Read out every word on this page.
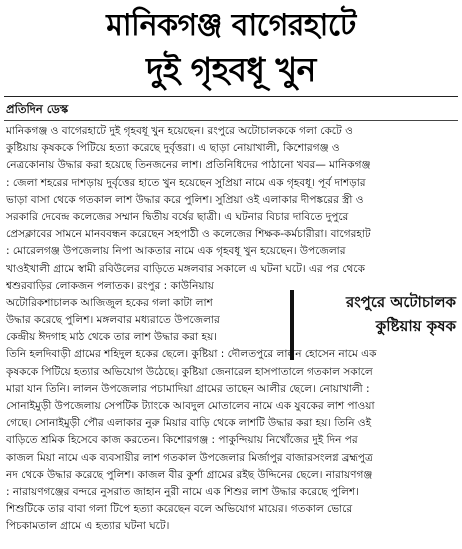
মানিকগঞ্জ বাগেরহাটে
দুই গৃহবধূ খুন
প্রতিদিন ডেস্ক
মানিকগঞ্জ ও বাগেরহাটে দুই গৃহবধূ খুন হয়েছেন। রংপুরে অটোচালককে গলা কেটে ও
কুষ্টিয়ায় কৃষককে পিটিয়ে হত্যা করেছে দুর্বৃত্তরা। এ ছাড়া নোয়াখালী, কিশোরগঞ্জ ও
নেত্রকোনায় উদ্ধার করা হয়েছে তিনজনের লাশ। প্রতিনিধিদের পাঠানো খবর— মানিকগঞ্জ
: জেলা শহরের দাশড়ায় দুর্বৃত্তের হাতে খুন হয়েছেন সুপ্রিয়া নামে এক গৃহবধূ। পূর্ব দাশড়ার
ভাড়া বাসা থেকে গতকাল লাশ উদ্ধার করে পুলিশ। সুপ্রিয়া ওই এলাকার দীপঙ্করের স্ত্রী ও
সরকারি দেবেন্দ্র কলেজের সম্মান দ্বিতীয় বর্ষের ছাত্রী। এ ঘটনার বিচার দাবিতে দুপুরে
প্রেসক্লাবের সামনে মানববন্ধন করেছেন সহপাঠী ও কলেজের শিক্ষক-কর্মচারীরা। বাগেরহাট
: মোরেলগঞ্জ উপজেলায় নিপা আকতার নামে এক গৃহবধূ খুন হয়েছেন। উপজেলার
খাওইখালী গ্রামে স্বামী রবিউলের বাড়িতে মঙ্গলবার সকালে এ ঘটনা ঘটে। এর পর থেকে
শ্বশুরবাড়ির লোকজন পলাতক। রংপুর : কাউনিয়ায়
অটোরিকশাচালক আজিজুল হকের গলা কাটা লাশ
উদ্ধার করেছে পুলিশ। মঙ্গলবার মধ্যরাতে উপজেলার
কেন্দ্রীয় ঈদগাহ মাঠ থেকে তার লাশ উদ্ধার করা হয়।
তিনি হলদিবাড়ী গ্রামের শহিদুল হকের ছেলে। কুষ্টিয়া : দৌলতপুরে লালন হোসেন নামে এক
কৃষককে পিটিয়ে হত্যার অভিযোগ উঠেছে। কুষ্টিয়া জেনারেল হাসপাতালে গতকাল সকালে
মারা যান তিনি। লালন উপজেলার পচামাদিয়া গ্রামের তাছেন আলীর ছেলে। নোয়াখালী :
সোনাইমুড়ী উপজেলায় সেপটিক ট্যাংকে আবদুল মোতালেব নামে এক যুবকের লাশ পাওয়া
গেছে। সোনাইমুড়ী পৌর এলাকার নুরু মিয়ার বাড়ি থেকে লাশটি উদ্ধার করা হয়। তিনি ওই
বাড়িতে শ্রমিক হিসেবে কাজ করতেন। কিশোরগঞ্জ : পাকুন্দিয়ায় নিখোঁজের দুই দিন পর
কাজল মিয়া নামে এক ব্যবসায়ীর লাশ গতকাল উপজেলার মির্জাপুর বাজারসংলগ্ন ব্রহ্মপুত্র
নদ থেকে উদ্ধার করেছে পুলিশ। কাজল বীর কুর্শা গ্রামের রইছ উদ্দিনের ছেলে। নারায়ণগঞ্জ
: নারায়ণগঞ্জের বন্দরে নুসরাত জাহান নুরী নামে এক শিশুর লাশ উদ্ধার করেছে পুলিশ।
শিশুটিকে তার বাবা গলা টিপে হত্যা করেছেন বলে অভিযোগ মায়ের। গতকাল ভোরে
পিচকামতাল গ্রামে এ হত্যার ঘটনা ঘটে।
রংপুরে অটোচালক
কুষ্টিয়ায় কৃষক
